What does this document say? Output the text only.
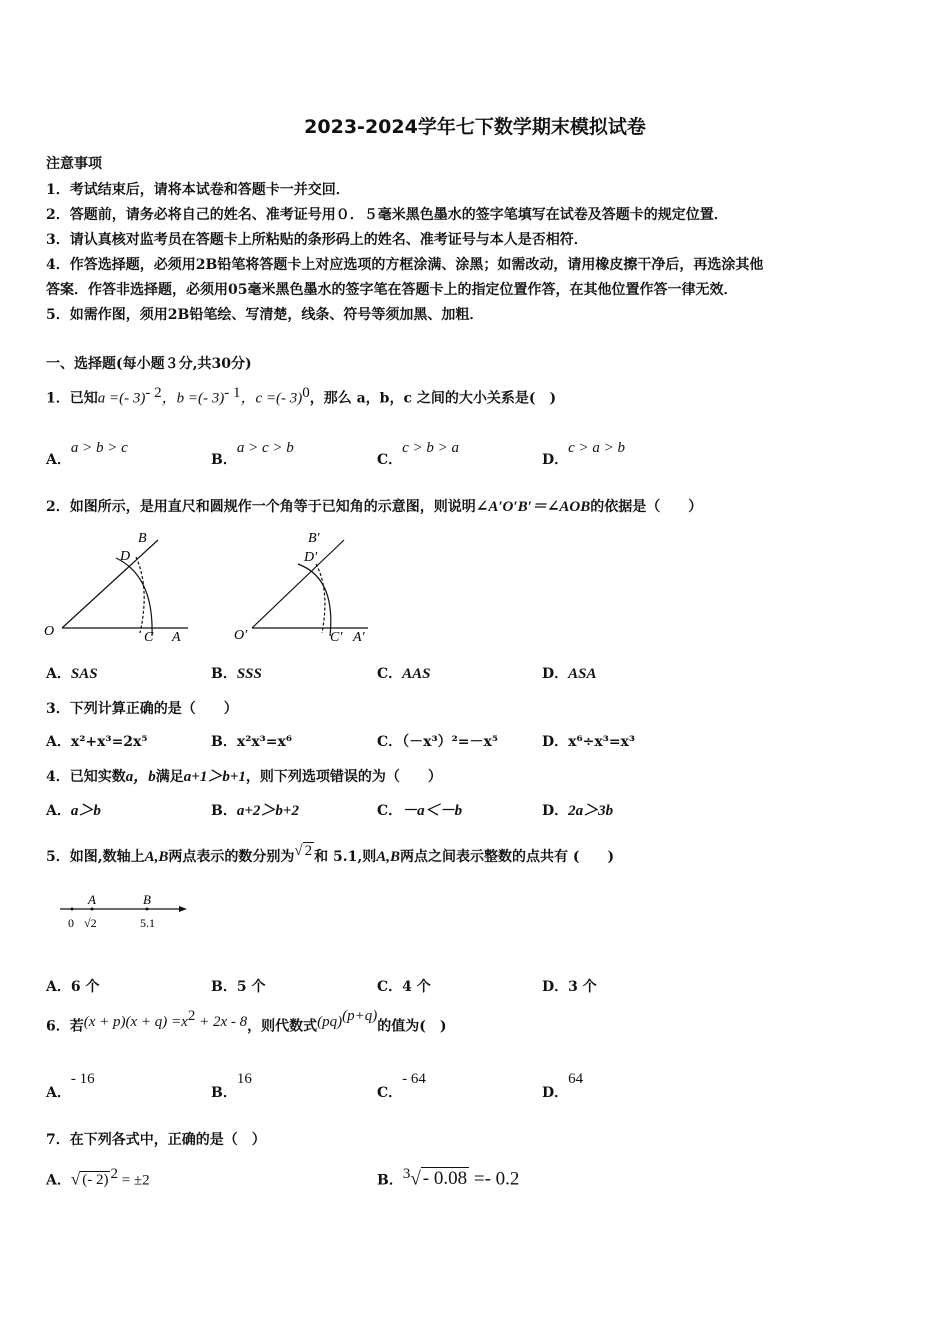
2023-2024学年七下数学期末模拟试卷
注意事项
1．考试结束后，请将本试卷和答题卡一并交回．
2．答题前，请务必将自己的姓名、准考证号用０．５毫米黑色墨水的签字笔填写在试卷及答题卡的规定位置．
3．请认真核对监考员在答题卡上所粘贴的条形码上的姓名、准考证号与本人是否相符．
4．作答选择题，必须用2B铅笔将答题卡上对应选项的方框涂满、涂黑；如需改动，请用橡皮擦干净后，再选涂其他
答案．作答非选择题，必须用05毫米黑色墨水的签字笔在答题卡上的指定位置作答，在其他位置作答一律无效．
5．如需作图，须用2B铅笔绘、写清楚，线条、符号等须加黑、加粗．
一、选择题(每小题３分,共30分)
1．已知a =(- 3)$^{- 2}$，b =(- 3)$^{- 1}$，c =(- 3)$^0$，那么 a，b，c 之间的大小关系是(　)
A．a > b > c
B．a > c > b
C．c > b > a
D．c > a > b
2．如图所示，是用直尺和圆规作一个角等于已知角的示意图，则说明∠A′O′B′＝∠AOB的依据是（　　）
B
D
O	C A
B′
D′
O′	C′ A′
A．SAS	B．SSS	C．AAS	D．ASA
3．下列计算正确的是（　　）
A．x²+x³=2x⁵	B．x²x³=x⁶	C．（－x³）²=－x⁵	D．x⁶÷x³=x³
4．已知实数a，b满足a+1＞b+1，则下列选项错误的为（　　）
A．a＞b	B．a+2＞b+2	C．－a＜－b	D．2a＞3b
5．如图,数轴上A,B两点表示的数分别为√ 2 和 5.1,则A,B两点之间表示整数的点共有 (　　)
A	B
0 √2	5.1
A．6 个	B．5 个	C．4 个	D．3 个
6．若$(x + p)(x + q) =x^2 + 2x - 8$，则代数式(pq)$^{(p+q)}$的值为(　)
A．- 16
B．16
C．- 64
D．64
7．在下列各式中，正确的是（　）
A．√ (- 2) $^2$ = ±2	B．$^3$√ - 0.08 =- 0.2
